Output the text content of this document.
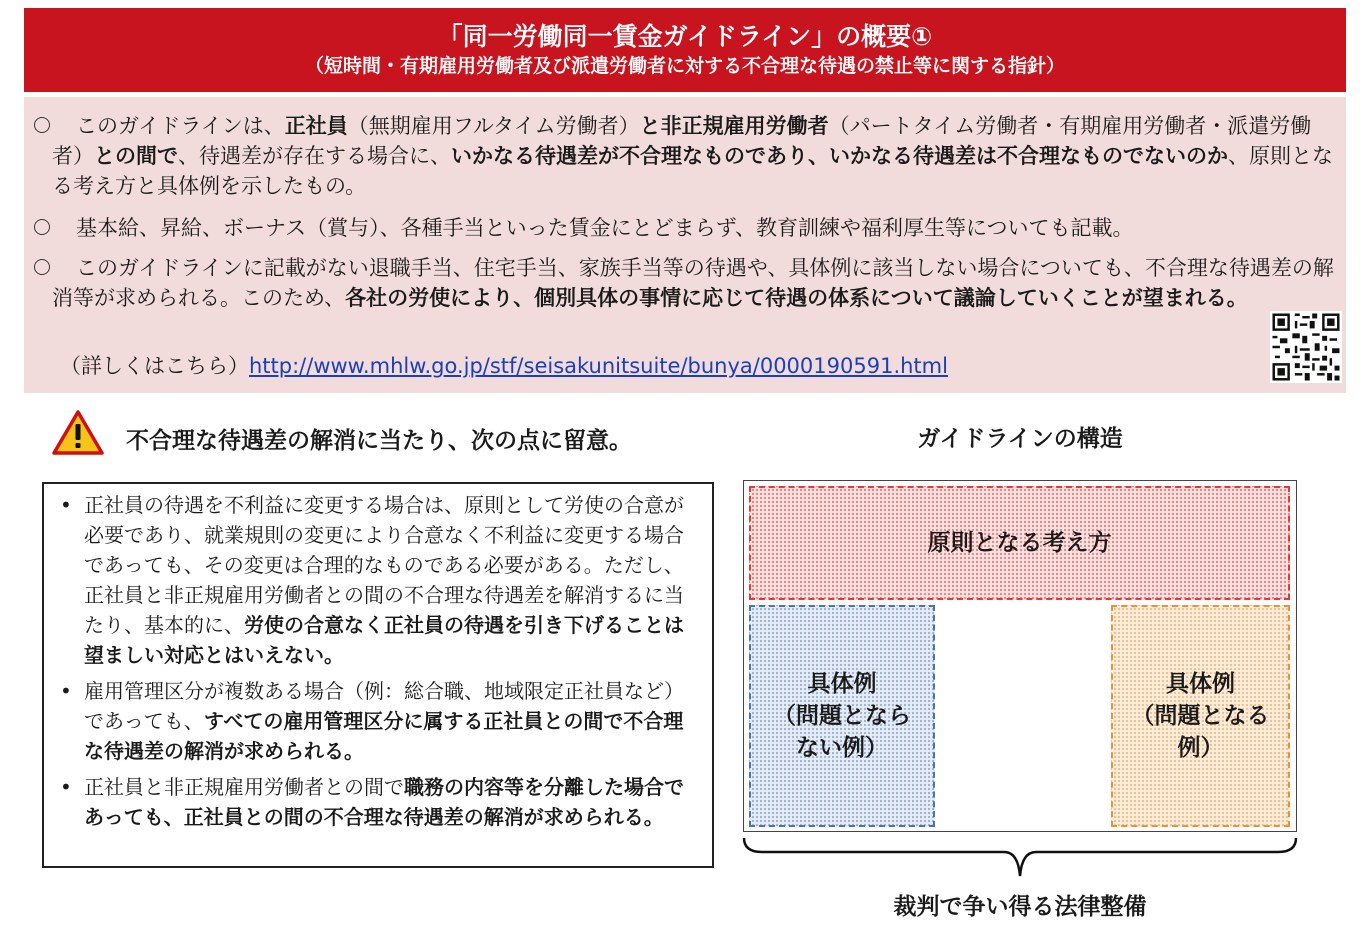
「同一労働同一賃金ガイドライン」の概要①
（短時間・有期雇用労働者及び派遣労働者に対する不合理な待遇の禁止等に関する指針）
このガイドラインは、正社員（無期雇用フルタイム労働者）と非正規雇用労働者（パートタイム労働者・有期雇用労働者・派遣労働者）との間で、待遇差が存在する場合に、いかなる待遇差が不合理なものであり、いかなる待遇差は不合理なものでないのか、原則となる考え方と具体例を示したもの。
基本給、昇給、ボーナス（賞与）、各種手当といった賃金にとどまらず、教育訓練や福利厚生等についても記載。
このガイドラインに記載がない退職手当、住宅手当、家族手当等の待遇や、具体例に該当しない場合についても、不合理な待遇差の解消等が求められる。このため、各社の労使により、個別具体の事情に応じて待遇の体系について議論していくことが望まれる。
（詳しくはこちら）http://www.mhlw.go.jp/stf/seisakunitsuite/bunya/0000190591.html
不合理な待遇差の解消に当たり、次の点に留意。
• 正社員の待遇を不利益に変更する場合は、原則として労使の合意が必要であり、就業規則の変更により合意なく不利益に変更する場合であっても、その変更は合理的なものである必要がある。ただし、正社員と非正規雇用労働者との間の不合理な待遇差を解消するに当たり、基本的に、労使の合意なく正社員の待遇を引き下げることは望ましい対応とはいえない。
• 雇用管理区分が複数ある場合（例：総合職、地域限定正社員など）であっても、すべての雇用管理区分に属する正社員との間で不合理な待遇差の解消が求められる。
• 正社員と非正規雇用労働者との間で職務の内容等を分離した場合であっても、正社員との間の不合理な待遇差の解消が求められる。
ガイドラインの構造
原則となる考え方
具体例
（問題となら
ない例）
具体例
（問題となる
例）
裁判で争い得る法律整備
